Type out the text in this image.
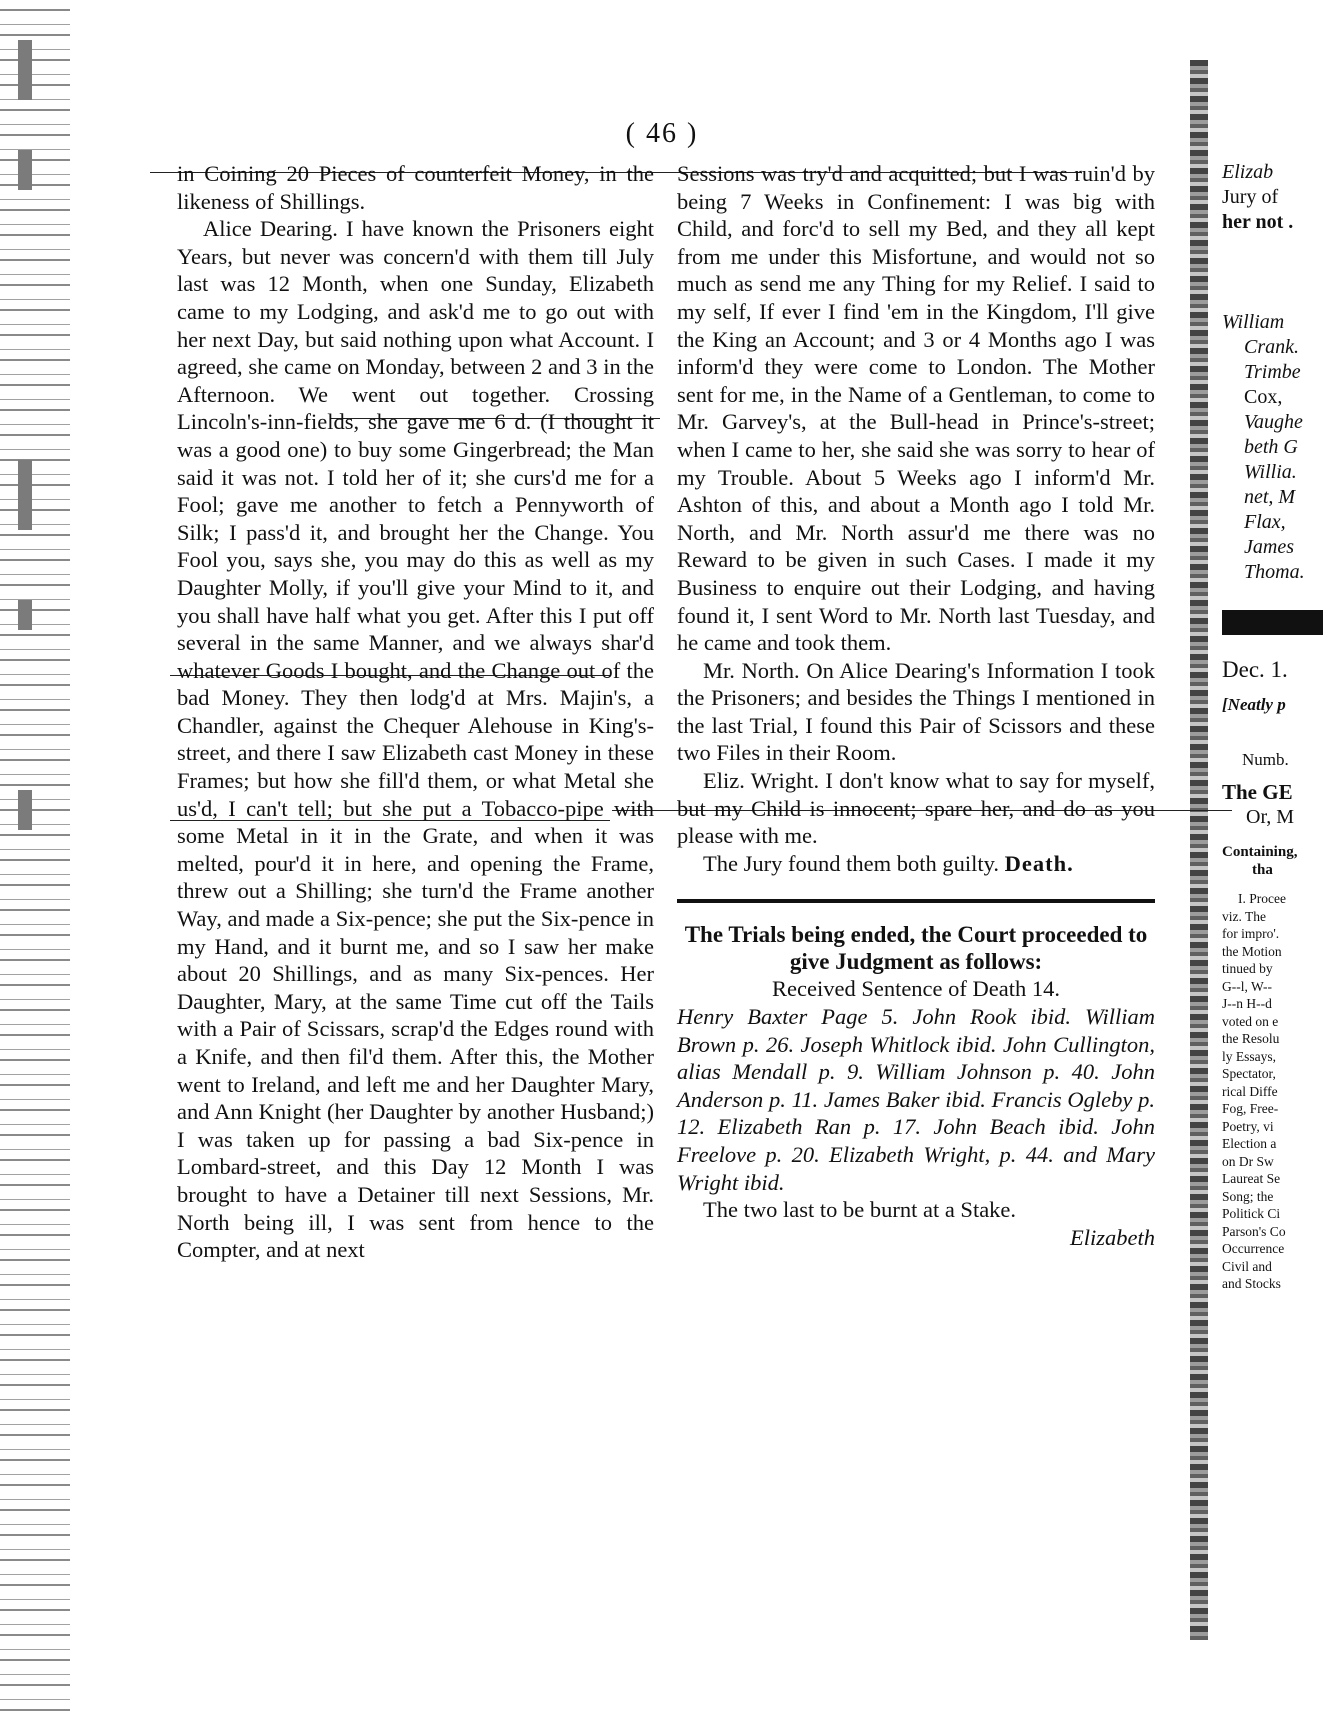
( 46 )

in Coining 20 Pieces of counterfeit Money, in the likeness of Shillings.

Alice Dearing. I have known the Prisoners eight Years, but never was concern'd with them till July last was 12 Month, when one Sunday, Elizabeth came to my Lodging, and ask'd me to go out with her next Day, but said nothing upon what Account. I agreed, she came on Monday, between 2 and 3 in the Afternoon. We went out together. Crossing Lincoln's-inn-fields, she gave me 6 d. (I thought it was a good one) to buy some Gingerbread; the Man said it was not. I told her of it; she curs'd me for a Fool; gave me another to fetch a Pennyworth of Silk; I pass'd it, and brought her the Change. You Fool you, says she, you may do this as well as my Daughter Molly, if you'll give your Mind to it, and you shall have half what you get. After this I put off several in the same Manner, and we always shar'd whatever Goods I bought, and the Change out of the bad Money. They then lodg'd at Mrs. Majin's, a Chandler, against the Chequer Alehouse in King's-street, and there I saw Elizabeth cast Money in these Frames; but how she fill'd them, or what Metal she us'd, I can't tell; but she put a Tobacco-pipe with some Metal in it in the Grate, and when it was melted, pour'd it in here, and opening the Frame, threw out a Shilling; she turn'd the Frame another Way, and made a Six-pence; she put the Six-pence in my Hand, and it burnt me, and so I saw her make about 20 Shillings, and as many Six-pences. Her Daughter, Mary, at the same Time cut off the Tails with a Pair of Scissars, scrap'd the Edges round with a Knife, and then fil'd them. After this, the Mother went to Ireland, and left me and her Daughter Mary, and Ann Knight (her Daughter by another Husband;) I was taken up for passing a bad Six-pence in Lombard-street, and this Day 12 Month I was brought to have a Detainer till next Sessions, Mr. North being ill, I was sent from hence to the Compter, and at next

Sessions was try'd and acquitted; but I was ruin'd by being 7 Weeks in Confinement: I was big with Child, and forc'd to sell my Bed, and they all kept from me under this Misfortune, and would not so much as send me any Thing for my Relief. I said to my self, If ever I find 'em in the Kingdom, I'll give the King an Account; and 3 or 4 Months ago I was inform'd they were come to London. The Mother sent for me, in the Name of a Gentleman, to come to Mr. Garvey's, at the Bull-head in Prince's-street; when I came to her, she said she was sorry to hear of my Trouble. About 5 Weeks ago I inform'd Mr. Ashton of this, and about a Month ago I told Mr. North, and Mr. North assur'd me there was no Reward to be given in such Cases. I made it my Business to enquire out their Lodging, and having found it, I sent Word to Mr. North last Tuesday, and he came and took them.

Mr. North. On Alice Dearing's Information I took the Prisoners; and besides the Things I mentioned in the last Trial, I found this Pair of Scissors and these two Files in their Room.

Eliz. Wright. I don't know what to say for myself, but my Child is innocent; spare her, and do as you please with me.

The Jury found them both guilty. Death.

The Trials being ended, the Court proceeded to give Judgment as follows:

Received Sentence of Death 14.

Henry Baxter Page 5. John Rook ibid. William Brown p. 26. Joseph Whitlock ibid. John Cullington, alias Mendall p. 9. William Johnson p. 40. John Anderson p. 11. James Baker ibid. Francis Ogleby p. 12. Elizabeth Ran p. 17. John Beach ibid. John Freelove p. 20. Elizabeth Wright, p. 44. and Mary Wright ibid.

The two last to be burnt at a Stake.

Elizabeth

Elizab
Jury of
her not .
William
Crank.
Trimbe
Cox,
Vaughe
beth G
Willia.
net, M
Flax,
James
Thoma.
Dec. 1.
[Neatly p
Numb.
The GE
Or, M
Containing,
tha
I. Procee
viz. The
for impro'.
the Motion
tinued by
G--l, W--
J--n H--d
voted on e
the Resolu
ly Essays,
Spectator,
rical Diffe
Fog, Free-
Poetry, vi
Election a
on Dr Sw
Laureat Se
Song; the
Politick Ci
Parson's Co
Occurrence
Civil and
and Stocks
